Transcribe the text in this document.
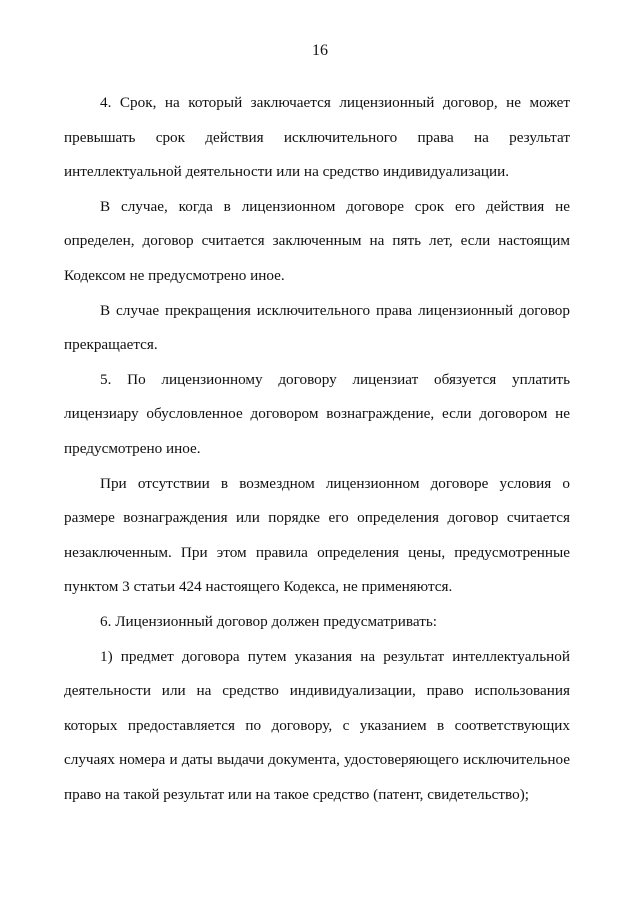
16

4. Срок, на который заключается лицензионный договор, не может превышать срок действия исключительного права на результат интеллектуальной деятельности или на средство индивидуализации.

В случае, когда в лицензионном договоре срок его действия не определен, договор считается заключенным на пять лет, если настоящим Кодексом не предусмотрено иное.

В случае прекращения исключительного права лицензионный договор прекращается.

5. По лицензионному договору лицензиат обязуется уплатить лицензиару обусловленное договором вознаграждение, если договором не предусмотрено иное.

При отсутствии в возмездном лицензионном договоре условия о размере вознаграждения или порядке его определения договор считается незаключенным. При этом правила определения цены, предусмотренные пунктом 3 статьи 424 настоящего Кодекса, не применяются.

6. Лицензионный договор должен предусматривать:

1) предмет договора путем указания на результат интеллектуальной деятельности или на средство индивидуализации, право использования которых предоставляется по договору, с указанием в соответствующих случаях номера и даты выдачи документа, удостоверяющего исключительное право на такой результат или на такое средство (патент, свидетельство);
